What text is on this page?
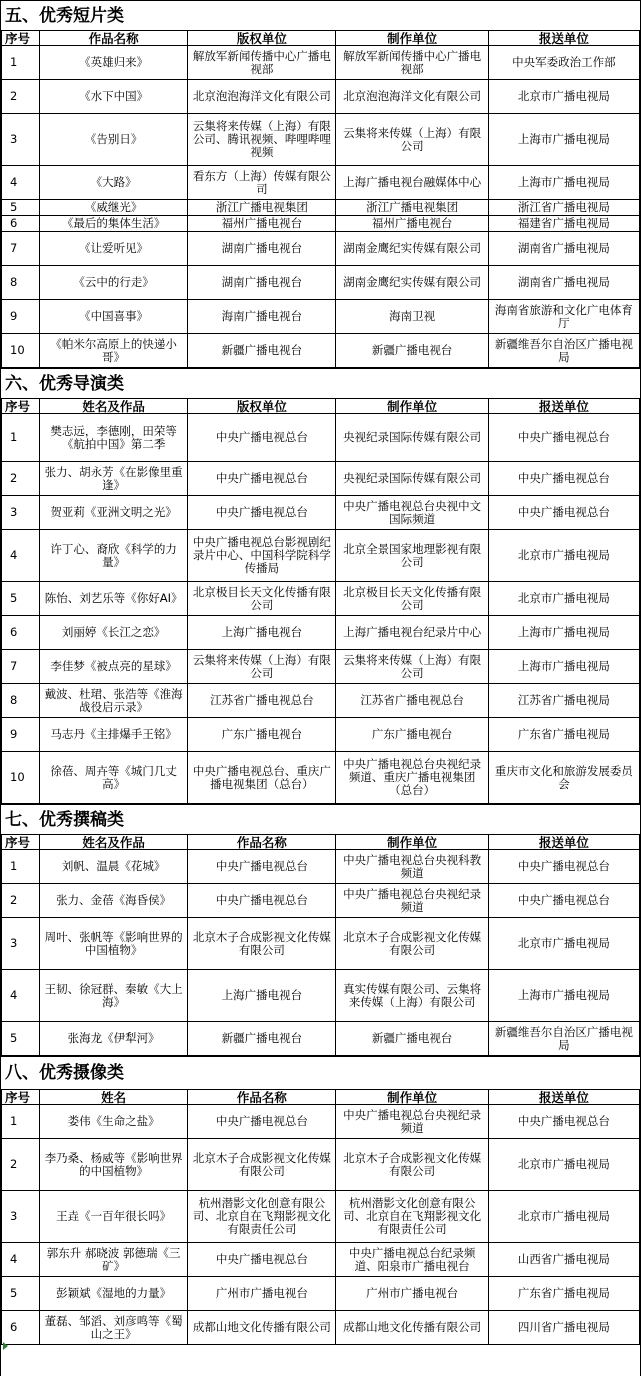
五、优秀短片类
序号	作品名称	版权单位	制作单位	报送单位
1	《英雄归来》	解放军新闻传播中心广播电视部	解放军新闻传播中心广播电视部	中央军委政治工作部
2	《水下中国》	北京泡泡海洋文化有限公司	北京泡泡海洋文化有限公司	北京市广播电视局
3	《告别日》	云集将来传媒（上海）有限公司、腾讯视频、哔哩哔哩视频	云集将来传媒（上海）有限公司	上海市广播电视局
4	《大路》	看东方（上海）传媒有限公司	上海广播电视台融媒体中心	上海市广播电视局
5	《威继光》	浙江广播电视集团	浙江广播电视集团	浙江省广播电视局
6	《最后的集体生活》	福州广播电视台	福州广播电视台	福建省广播电视局
7	《让爱听见》	湖南广播电视台	湖南金鹰纪实传媒有限公司	湖南省广播电视局
8	《云中的行走》	湖南广播电视台	湖南金鹰纪实传媒有限公司	湖南省广播电视局
9	《中国喜事》	海南广播电视台	海南卫视	海南省旅游和文化广电体育厅
10	《帕米尔高原上的快递小哥》	新疆广播电视台	新疆广播电视台	新疆维吾尔自治区广播电视局
六、优秀导演类
序号	姓名及作品	版权单位	制作单位	报送单位
1	樊志远，李德刚，田荣等《航拍中国》第二季	中央广播电视总台	央视纪录国际传媒有限公司	中央广播电视总台
2	张力、胡永芳《在影像里重逢》	中央广播电视总台	央视纪录国际传媒有限公司	中央广播电视总台
3	贺亚莉《亚洲文明之光》	中央广播电视总台	中央广播电视总台央视中文国际频道	中央广播电视总台
4	许丁心、裔欣《科学的力量》	中央广播电视总台影视剧纪录片中心、中国科学院科学传播局	北京全景国家地理影视有限公司	北京市广播电视局
5	陈怡、刘艺乐等《你好AI》	北京极目长天文化传播有限公司	北京极目长天文化传播有限公司	北京市广播电视局
6	刘丽婷《长江之恋》	上海广播电视台	上海广播电视台纪录片中心	上海市广播电视局
7	李佳梦《被点亮的星球》	云集将来传媒（上海）有限公司	云集将来传媒（上海）有限公司	上海市广播电视局
8	戴波、杜珺、张浩等《淮海战役启示录》	江苏省广播电视总台	江苏省广播电视总台	江苏省广播电视局
9	马志丹《主排爆手王铭》	广东广播电视台	广东广播电视台	广东省广播电视局
10	徐蓓、周卉等《城门几丈高》	中央广播电视总台、重庆广播电视集团（总台）	中央广播电视总台央视纪录频道、重庆广播电视集团（总台）	重庆市文化和旅游发展委员会
七、优秀撰稿类
序号	姓名及作品	作品名称	制作单位	报送单位
1	刘帆、温晨《花城》	中央广播电视总台	中央广播电视总台央视科教频道	中央广播电视总台
2	张力、金蓓《海昏侯》	中央广播电视总台	中央广播电视总台央视纪录频道	中央广播电视总台
3	周叶、张帆等《影响世界的中国植物》	北京木子合成影视文化传媒有限公司	北京木子合成影视文化传媒有限公司	北京市广播电视局
4	王韧、徐冠群、秦敏《大上海》	上海广播电视台	真实传媒有限公司、云集将来传媒（上海）有限公司	上海市广播电视局
5	张海龙《伊犁河》	新疆广播电视台	新疆广播电视台	新疆维吾尔自治区广播电视局
八、优秀摄像类
序号	姓名	作品名称	制作单位	报送单位
1	娄伟《生命之盐》	中央广播电视总台	中央广播电视总台央视纪录频道	中央广播电视总台
2	李乃桑、杨威等《影响世界的中国植物》	北京木子合成影视文化传媒有限公司	北京木子合成影视文化传媒有限公司	北京市广播电视局
3	王垚《一百年很长吗》	杭州潜影文化创意有限公司、北京自在飞翔影视文化有限责任公司	杭州潜影文化创意有限公司、北京自在飞翔影视文化有限责任公司	北京市广播电视局
4	郭东升 郝晓波 郭德瑞《三矿》	中央广播电视总台	中央广播电视总台纪录频道、阳泉市广播电视台	山西省广播电视局
5	彭颖斌《湿地的力量》	广州市广播电视台	广州市广播电视台	广东省广播电视局
6	董磊、邹滔、刘彦鸣等《蜀山之王》	成都山地文化传播有限公司	成都山地文化传播有限公司	四川省广播电视局
